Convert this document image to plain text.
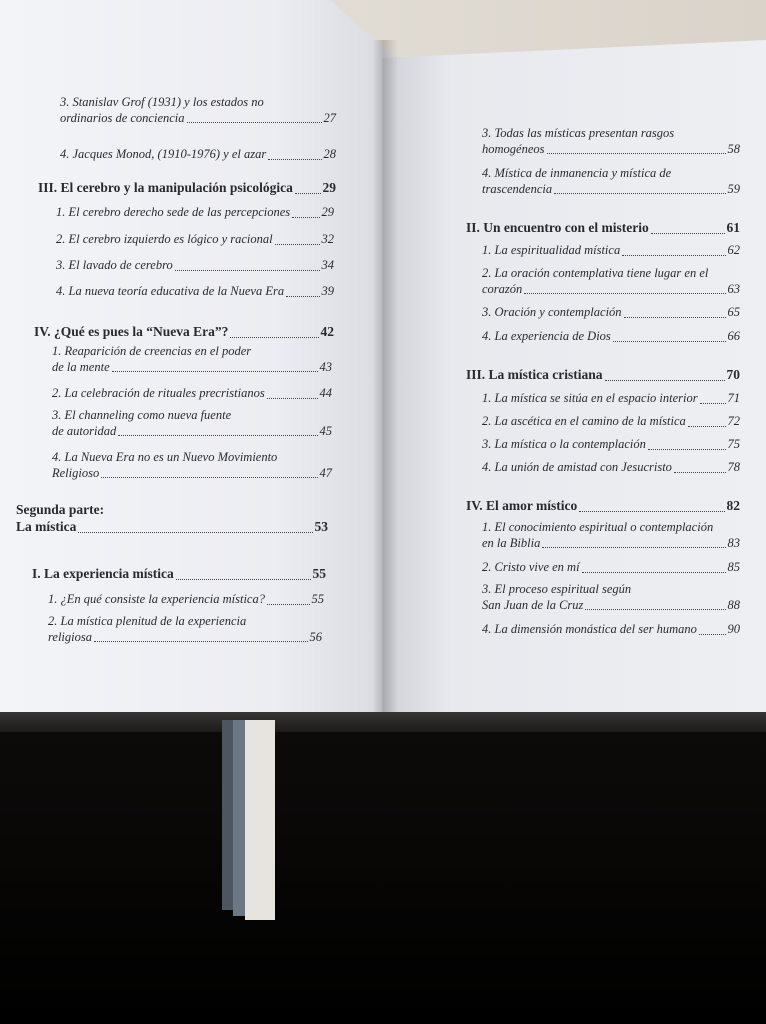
3. Stanislav Grof (1931) y los estados no
ordinarios de conciencia	27
4. Jacques Monod, (1910-1976) y el azar	28
III. El cerebro y la manipulación psicológica 29
1. El cerebro derecho sede de las percepciones	29
2. El cerebro izquierdo es lógico y racional	32
3. El lavado de cerebro	34
4. La nueva teoría educativa de la Nueva Era	39
IV. ¿Qué es pues la “Nueva Era”?	42
1. Reaparición de creencias en el poder
de la mente	43
2. La celebración de rituales precristianos	44
3. El channeling como nueva fuente
de autoridad	45
4. La Nueva Era no es un Nuevo Movimiento
Religioso	47
Segunda parte:
La mística	53
I. La experiencia mística	55
1. ¿En qué consiste la experiencia mística?	55
2. La mística plenitud de la experiencia
religiosa	56
3. Todas las místicas presentan rasgos
homogéneos	58
4. Mística de inmanencia y mística de
trascendencia	59
II. Un encuentro con el misterio	61
1. La espiritualidad mística	62
2. La oración contemplativa tiene lugar en el
corazón	63
3. Oración y contemplación	65
4. La experiencia de Dios	66
III. La mística cristiana	70
1. La mística se sitúa en el espacio interior 71
2. La ascética en el camino de la mística	72
3. La mística o la contemplación	75
4. La unión de amistad con Jesucristo	78
IV. El amor místico	82
1. El conocimiento espiritual o contemplación
en la Biblia	83
2. Cristo vive en mí	85
3. El proceso espiritual según
San Juan de la Cruz	88
4. La dimensión monástica del ser humano 90
